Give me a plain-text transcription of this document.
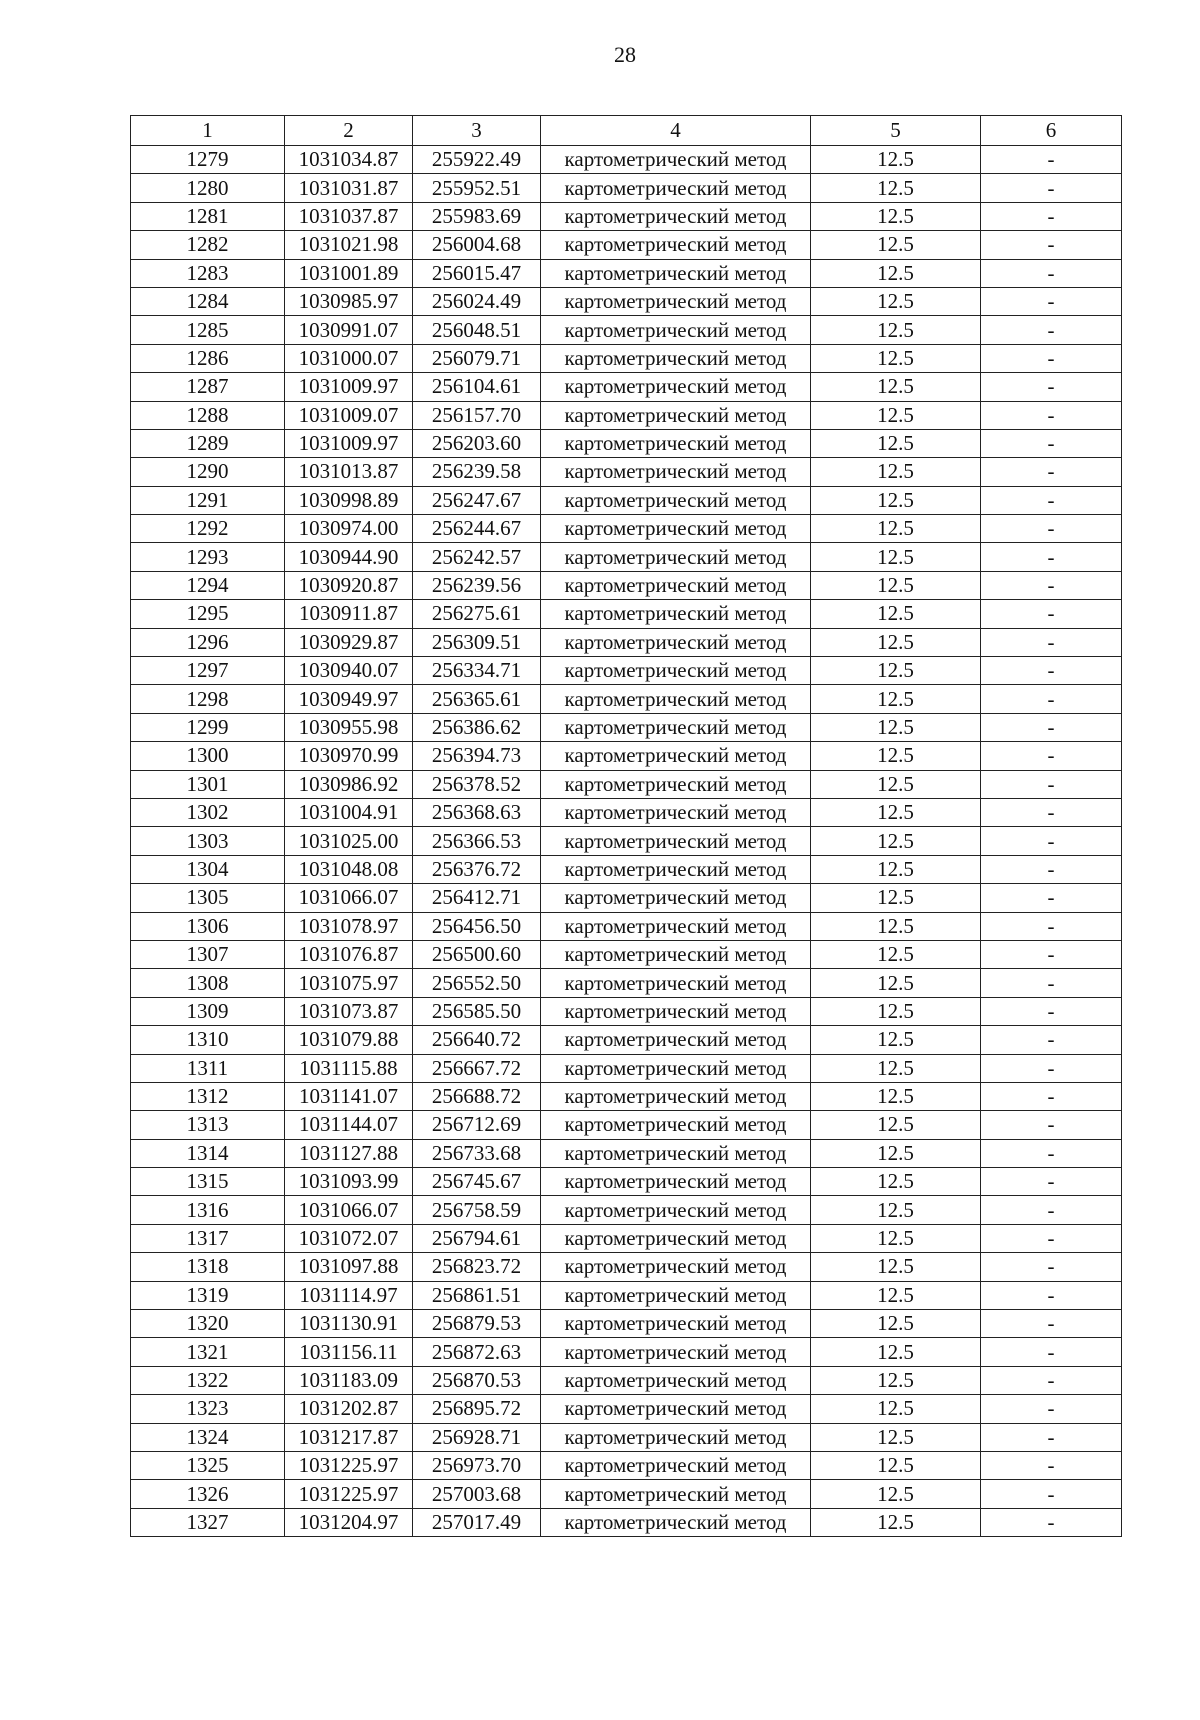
28
1	2	3	4	5	6
1279	1031034.87	255922.49	картометрический метод	12.5	-
1280	1031031.87	255952.51	картометрический метод	12.5	-
1281	1031037.87	255983.69	картометрический метод	12.5	-
1282	1031021.98	256004.68	картометрический метод	12.5	-
1283	1031001.89	256015.47	картометрический метод	12.5	-
1284	1030985.97	256024.49	картометрический метод	12.5	-
1285	1030991.07	256048.51	картометрический метод	12.5	-
1286	1031000.07	256079.71	картометрический метод	12.5	-
1287	1031009.97	256104.61	картометрический метод	12.5	-
1288	1031009.07	256157.70	картометрический метод	12.5	-
1289	1031009.97	256203.60	картометрический метод	12.5	-
1290	1031013.87	256239.58	картометрический метод	12.5	-
1291	1030998.89	256247.67	картометрический метод	12.5	-
1292	1030974.00	256244.67	картометрический метод	12.5	-
1293	1030944.90	256242.57	картометрический метод	12.5	-
1294	1030920.87	256239.56	картометрический метод	12.5	-
1295	1030911.87	256275.61	картометрический метод	12.5	-
1296	1030929.87	256309.51	картометрический метод	12.5	-
1297	1030940.07	256334.71	картометрический метод	12.5	-
1298	1030949.97	256365.61	картометрический метод	12.5	-
1299	1030955.98	256386.62	картометрический метод	12.5	-
1300	1030970.99	256394.73	картометрический метод	12.5	-
1301	1030986.92	256378.52	картометрический метод	12.5	-
1302	1031004.91	256368.63	картометрический метод	12.5	-
1303	1031025.00	256366.53	картометрический метод	12.5	-
1304	1031048.08	256376.72	картометрический метод	12.5	-
1305	1031066.07	256412.71	картометрический метод	12.5	-
1306	1031078.97	256456.50	картометрический метод	12.5	-
1307	1031076.87	256500.60	картометрический метод	12.5	-
1308	1031075.97	256552.50	картометрический метод	12.5	-
1309	1031073.87	256585.50	картометрический метод	12.5	-
1310	1031079.88	256640.72	картометрический метод	12.5	-
1311	1031115.88	256667.72	картометрический метод	12.5	-
1312	1031141.07	256688.72	картометрический метод	12.5	-
1313	1031144.07	256712.69	картометрический метод	12.5	-
1314	1031127.88	256733.68	картометрический метод	12.5	-
1315	1031093.99	256745.67	картометрический метод	12.5	-
1316	1031066.07	256758.59	картометрический метод	12.5	-
1317	1031072.07	256794.61	картометрический метод	12.5	-
1318	1031097.88	256823.72	картометрический метод	12.5	-
1319	1031114.97	256861.51	картометрический метод	12.5	-
1320	1031130.91	256879.53	картометрический метод	12.5	-
1321	1031156.11	256872.63	картометрический метод	12.5	-
1322	1031183.09	256870.53	картометрический метод	12.5	-
1323	1031202.87	256895.72	картометрический метод	12.5	-
1324	1031217.87	256928.71	картометрический метод	12.5	-
1325	1031225.97	256973.70	картометрический метод	12.5	-
1326	1031225.97	257003.68	картометрический метод	12.5	-
1327	1031204.97	257017.49	картометрический метод	12.5	-
